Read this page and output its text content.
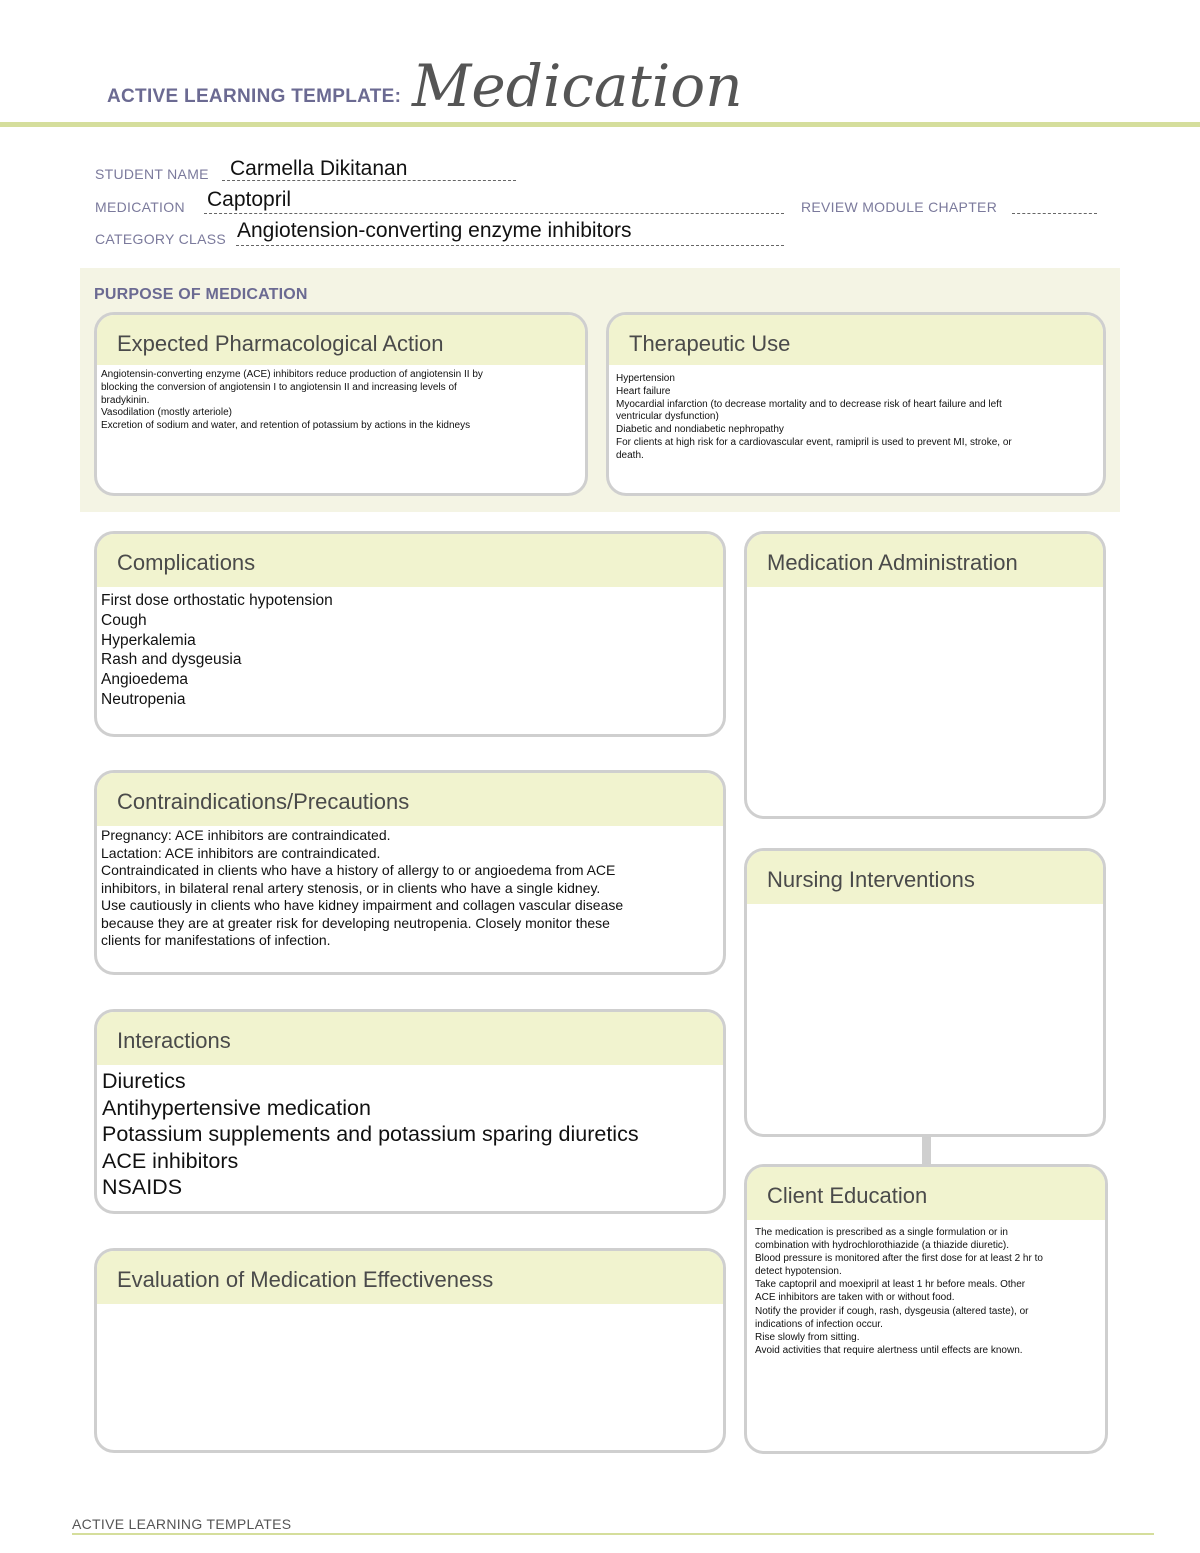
ACTIVE LEARNING TEMPLATE: Medication
STUDENT NAME Carmella Dikitanan
MEDICATION Captopril	REVIEW MODULE CHAPTER
CATEGORY CLASS Angiotension-converting enzyme inhibitors
PURPOSE OF MEDICATION
Expected Pharmacological Action
Angiotensin-converting enzyme (ACE) inhibitors reduce production of angiotensin II by
blocking the conversion of angiotensin I to angiotensin II and increasing levels of
bradykinin.
Vasodilation (mostly arteriole)
Excretion of sodium and water, and retention of potassium by actions in the kidneys
Therapeutic Use
Hypertension
Heart failure
Myocardial infarction (to decrease mortality and to decrease risk of heart failure and left
ventricular dysfunction)
Diabetic and nondiabetic nephropathy
For clients at high risk for a cardiovascular event, ramipril is used to prevent MI, stroke, or
death.
Complications
First dose orthostatic hypotension
Cough
Hyperkalemia
Rash and dysgeusia
Angioedema
Neutropenia
Contraindications/Precautions
Pregnancy: ACE inhibitors are contraindicated.
Lactation: ACE inhibitors are contraindicated.
Contraindicated in clients who have a history of allergy to or angioedema from ACE
inhibitors, in bilateral renal artery stenosis, or in clients who have a single kidney.
Use cautiously in clients who have kidney impairment and collagen vascular disease
because they are at greater risk for developing neutropenia. Closely monitor these
clients for manifestations of infection.
Interactions
Diuretics
Antihypertensive medication
Potassium supplements and potassium sparing diuretics
ACE inhibitors
NSAIDS
Evaluation of Medication Effectiveness
Medication Administration
Nursing Interventions
Client Education
The medication is prescribed as a single formulation or in
combination with hydrochlorothiazide (a thiazide diuretic).
Blood pressure is monitored after the first dose for at least 2 hr to
detect hypotension.
Take captopril and moexipril at least 1 hr before meals. Other
ACE inhibitors are taken with or without food.
Notify the provider if cough, rash, dysgeusia (altered taste), or
indications of infection occur.
Rise slowly from sitting.
Avoid activities that require alertness until effects are known.
ACTIVE LEARNING TEMPLATES
